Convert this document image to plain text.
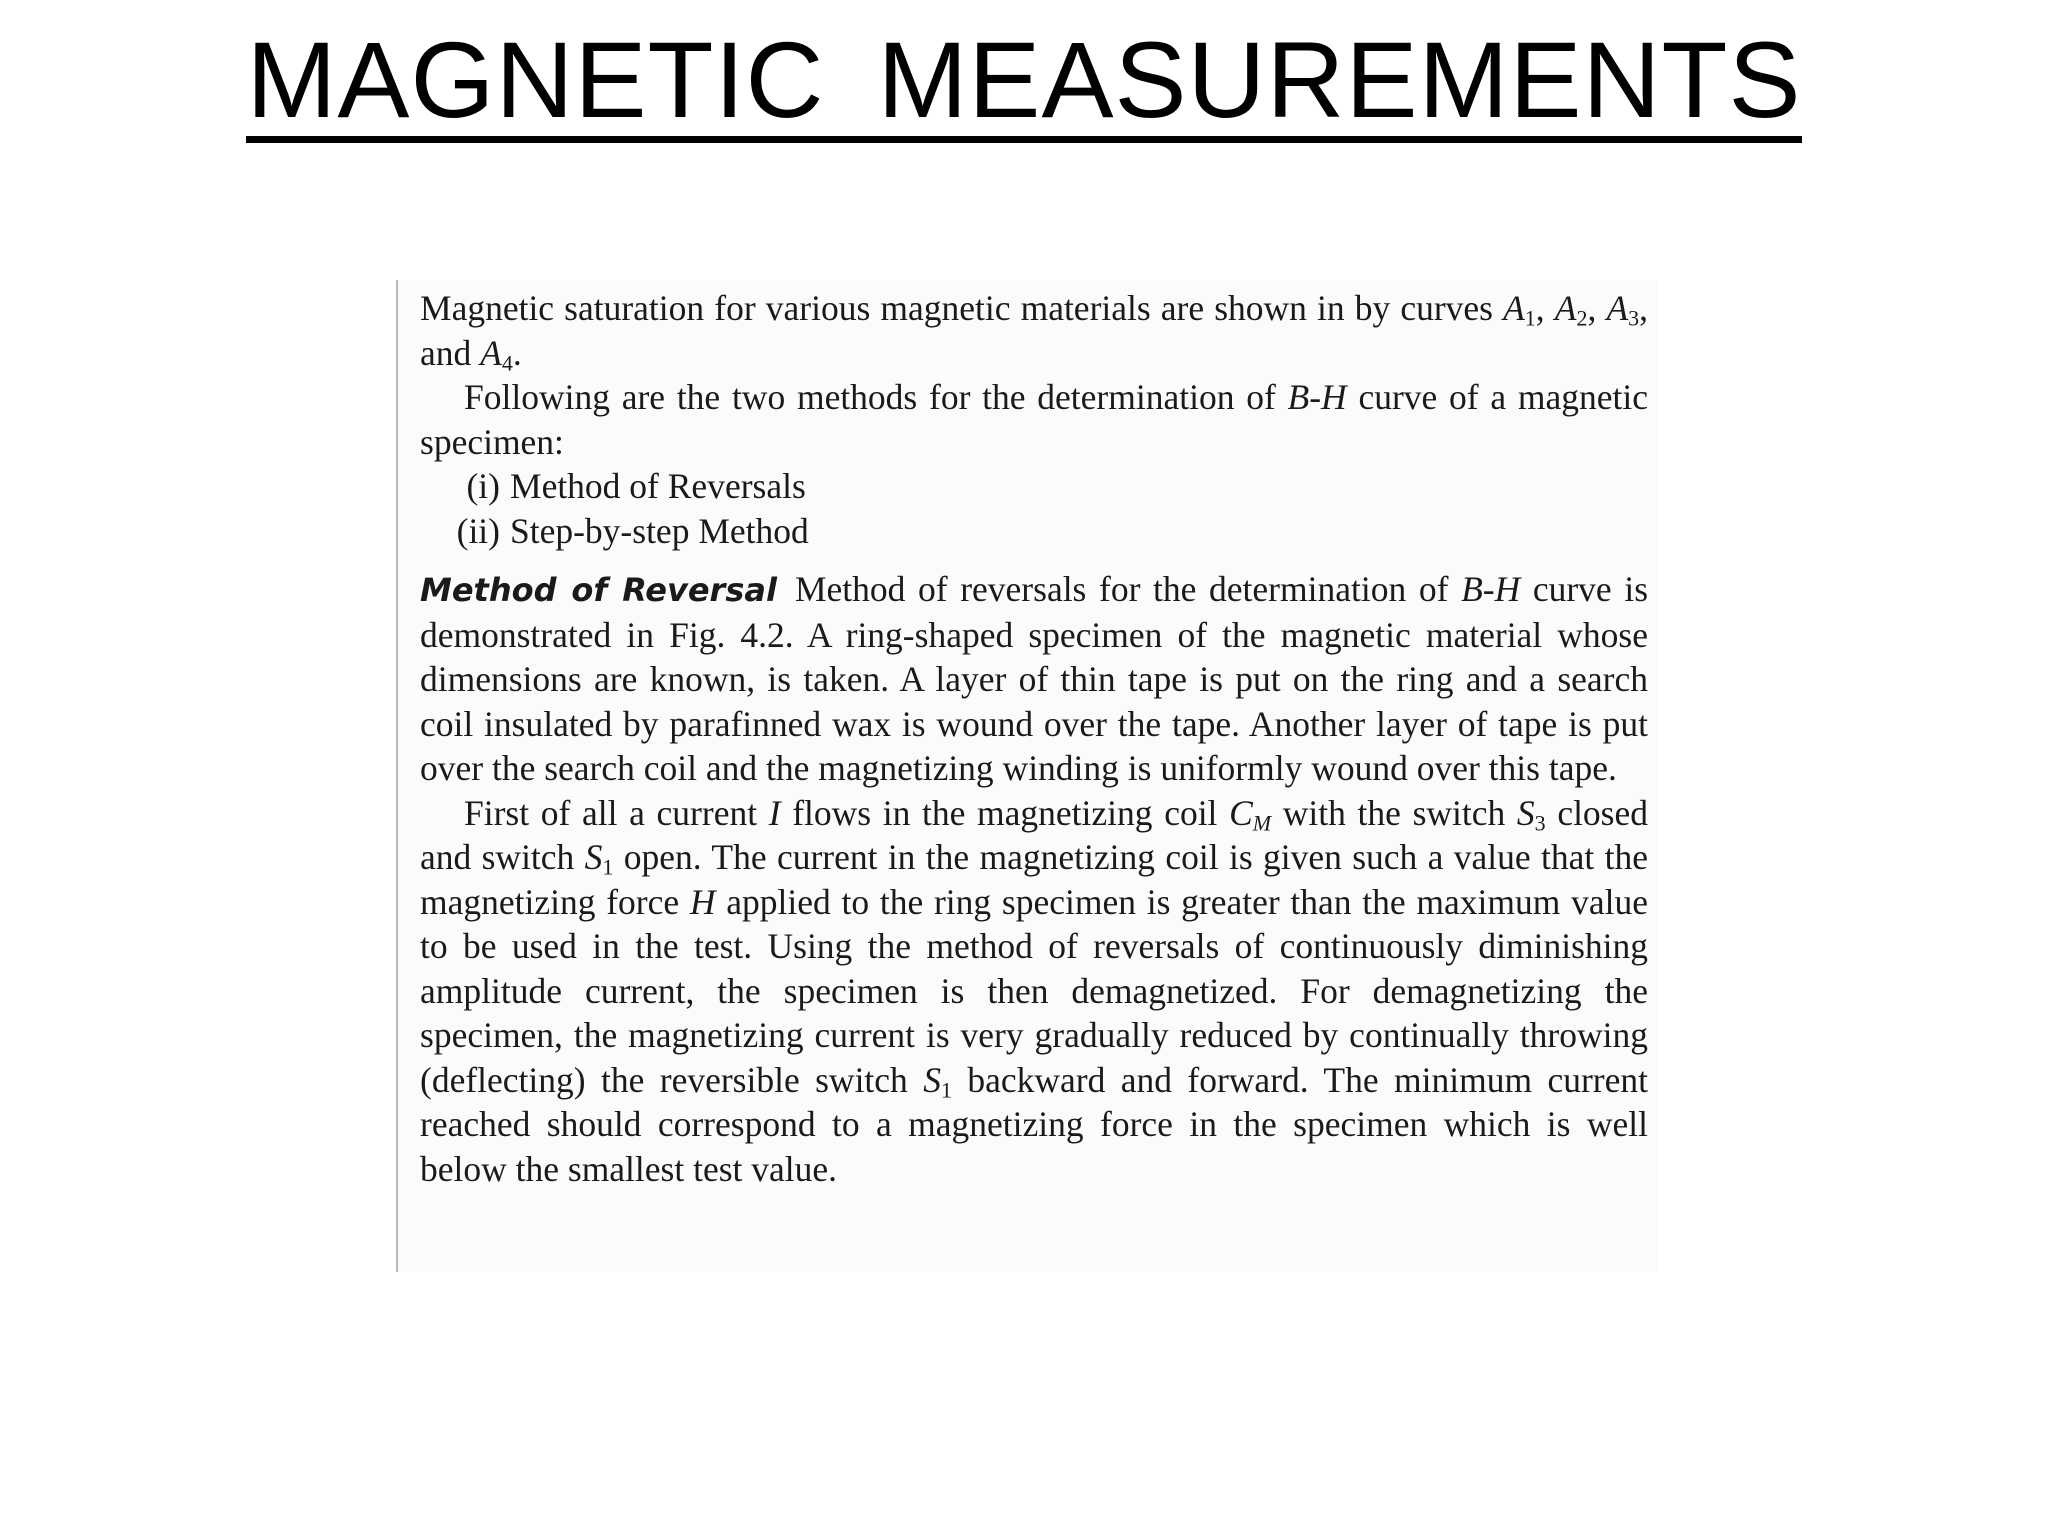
MAGNETIC MEASUREMENTS

Magnetic saturation for various magnetic materials are shown in by curves $A_1$, $A_2$, $A_3$, and $A_4$.

Following are the two methods for the determination of B-H curve of a magnetic specimen:

(i) Method of Reversals

(ii) Step-by-step Method

Method of Reversal Method of reversals for the determination of B-H curve is demonstrated in Fig. 4.2. A ring-shaped specimen of the magnetic material whose dimensions are known, is taken. A layer of thin tape is put on the ring and a search coil insulated by parafinned wax is wound over the tape. Another layer of tape is put over the search coil and the magnetizing winding is uniformly wound over this tape.

First of all a current I flows in the magnetizing coil $C_M$ with the switch $S_3$ closed and switch $S_1$ open. The current in the magnetizing coil is given such a value that the magnetizing force H applied to the ring specimen is greater than the maximum value to be used in the test. Using the method of reversals of continuously diminishing amplitude current, the specimen is then demagnetized. For demagnetizing the specimen, the magnetizing current is very gradually reduced by continually throwing (deflecting) the reversible switch $S_1$ backward and forward. The minimum current reached should correspond to a magnetizing force in the specimen which is well below the smallest test value.
